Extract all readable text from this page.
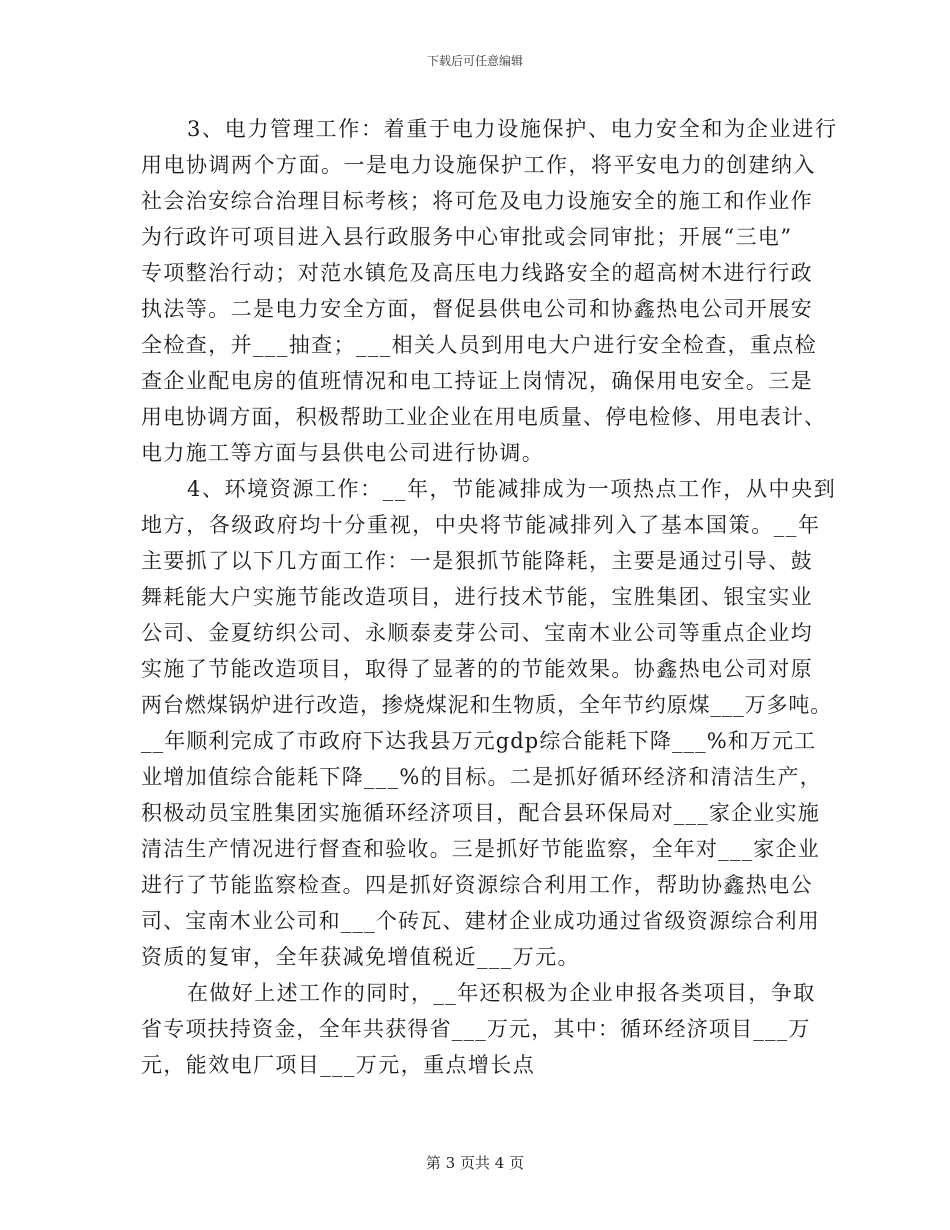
下载后可任意编辑
3、电力管理工作：着重于电力设施保护、电力安全和为企业进行
用电协调两个方面。一是电力设施保护工作，将平安电力的创建纳入
社会治安综合治理目标考核；将可危及电力设施安全的施工和作业作
为行政许可项目进入县行政服务中心审批或会同审批；开展“三电”
专项整治行动；对范水镇危及高压电力线路安全的超高树木进行行政
执法等。二是电力安全方面，督促县供电公司和协鑫热电公司开展安
全检查，并___抽查；___相关人员到用电大户进行安全检查，重点检
查企业配电房的值班情况和电工持证上岗情况，确保用电安全。三是
用电协调方面，积极帮助工业企业在用电质量、停电检修、用电表计、
电力施工等方面与县供电公司进行协调。
4、环境资源工作：__年，节能减排成为一项热点工作，从中央到
地方，各级政府均十分重视，中央将节能减排列入了基本国策。__年
主要抓了以下几方面工作：一是狠抓节能降耗，主要是通过引导、鼓
舞耗能大户实施节能改造项目，进行技术节能，宝胜集团、银宝实业
公司、金夏纺织公司、永顺泰麦芽公司、宝南木业公司等重点企业均
实施了节能改造项目，取得了显著的的节能效果。协鑫热电公司对原
两台燃煤锅炉进行改造，掺烧煤泥和生物质，全年节约原煤___万多吨。
__年顺利完成了市政府下达我县万元gdp综合能耗下降___%和万元工
业增加值综合能耗下降___%的目标。二是抓好循环经济和清洁生产，
积极动员宝胜集团实施循环经济项目，配合县环保局对___家企业实施
清洁生产情况进行督查和验收。三是抓好节能监察，全年对___家企业
进行了节能监察检查。四是抓好资源综合利用工作，帮助协鑫热电公
司、宝南木业公司和___个砖瓦、建材企业成功通过省级资源综合利用
资质的复审，全年获减免增值税近___万元。
在做好上述工作的同时，__年还积极为企业申报各类项目，争取
省专项扶持资金，全年共获得省___万元，其中：循环经济项目___万
元，能效电厂项目___万元，重点增长点
第 3 页共 4 页
